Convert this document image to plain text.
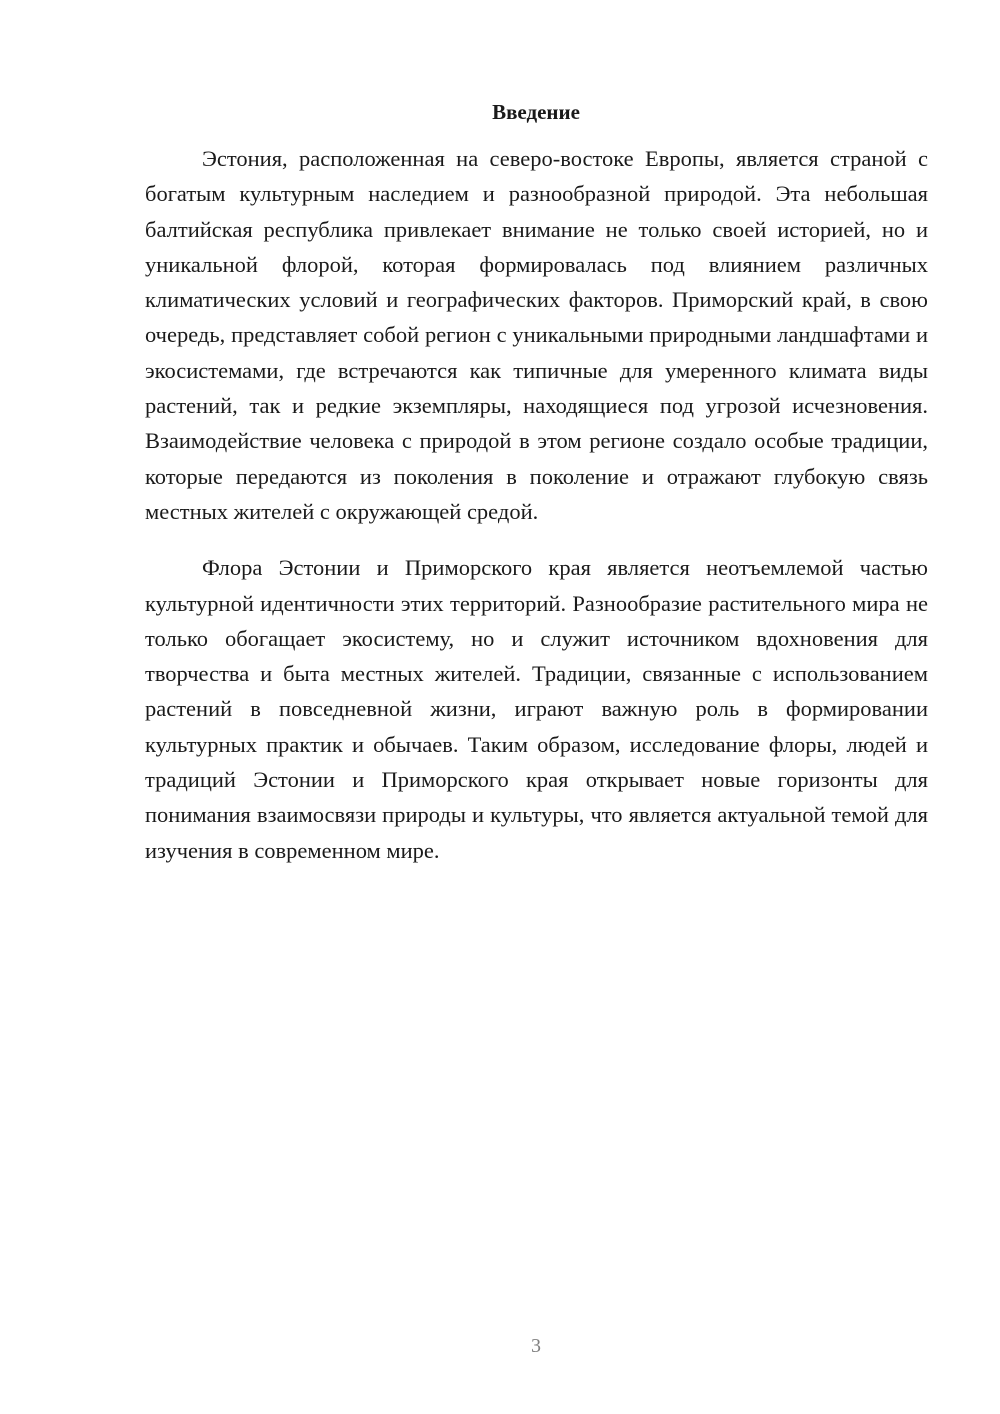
Введение

Эстония, расположенная на северо-востоке Европы, является страной с богатым культурным наследием и разнообразной природой. Эта небольшая балтийская республика привлекает внимание не только своей историей, но и уникальной флорой, которая формировалась под влиянием различных климатических условий и географических факторов. Приморский край, в свою очередь, представляет собой регион с уникальными природными ландшафтами и экосистемами, где встречаются как типичные для умеренного климата виды растений, так и редкие экземпляры, находящиеся под угрозой исчезновения. Взаимодействие человека с природой в этом регионе создало особые традиции, которые передаются из поколения в поколение и отражают глубокую связь местных жителей с окружающей средой.

Флора Эстонии и Приморского края является неотъемлемой частью культурной идентичности этих территорий. Разнообразие растительного мира не только обогащает экосистему, но и служит источником вдохновения для творчества и быта местных жителей. Традиции, связанные с использованием растений в повседневной жизни, играют важную роль в формировании культурных практик и обычаев. Таким образом, исследование флоры, людей и традиций Эстонии и Приморского края открывает новые горизонты для понимания взаимосвязи природы и культуры, что является актуальной темой для изучения в современном мире.

3
